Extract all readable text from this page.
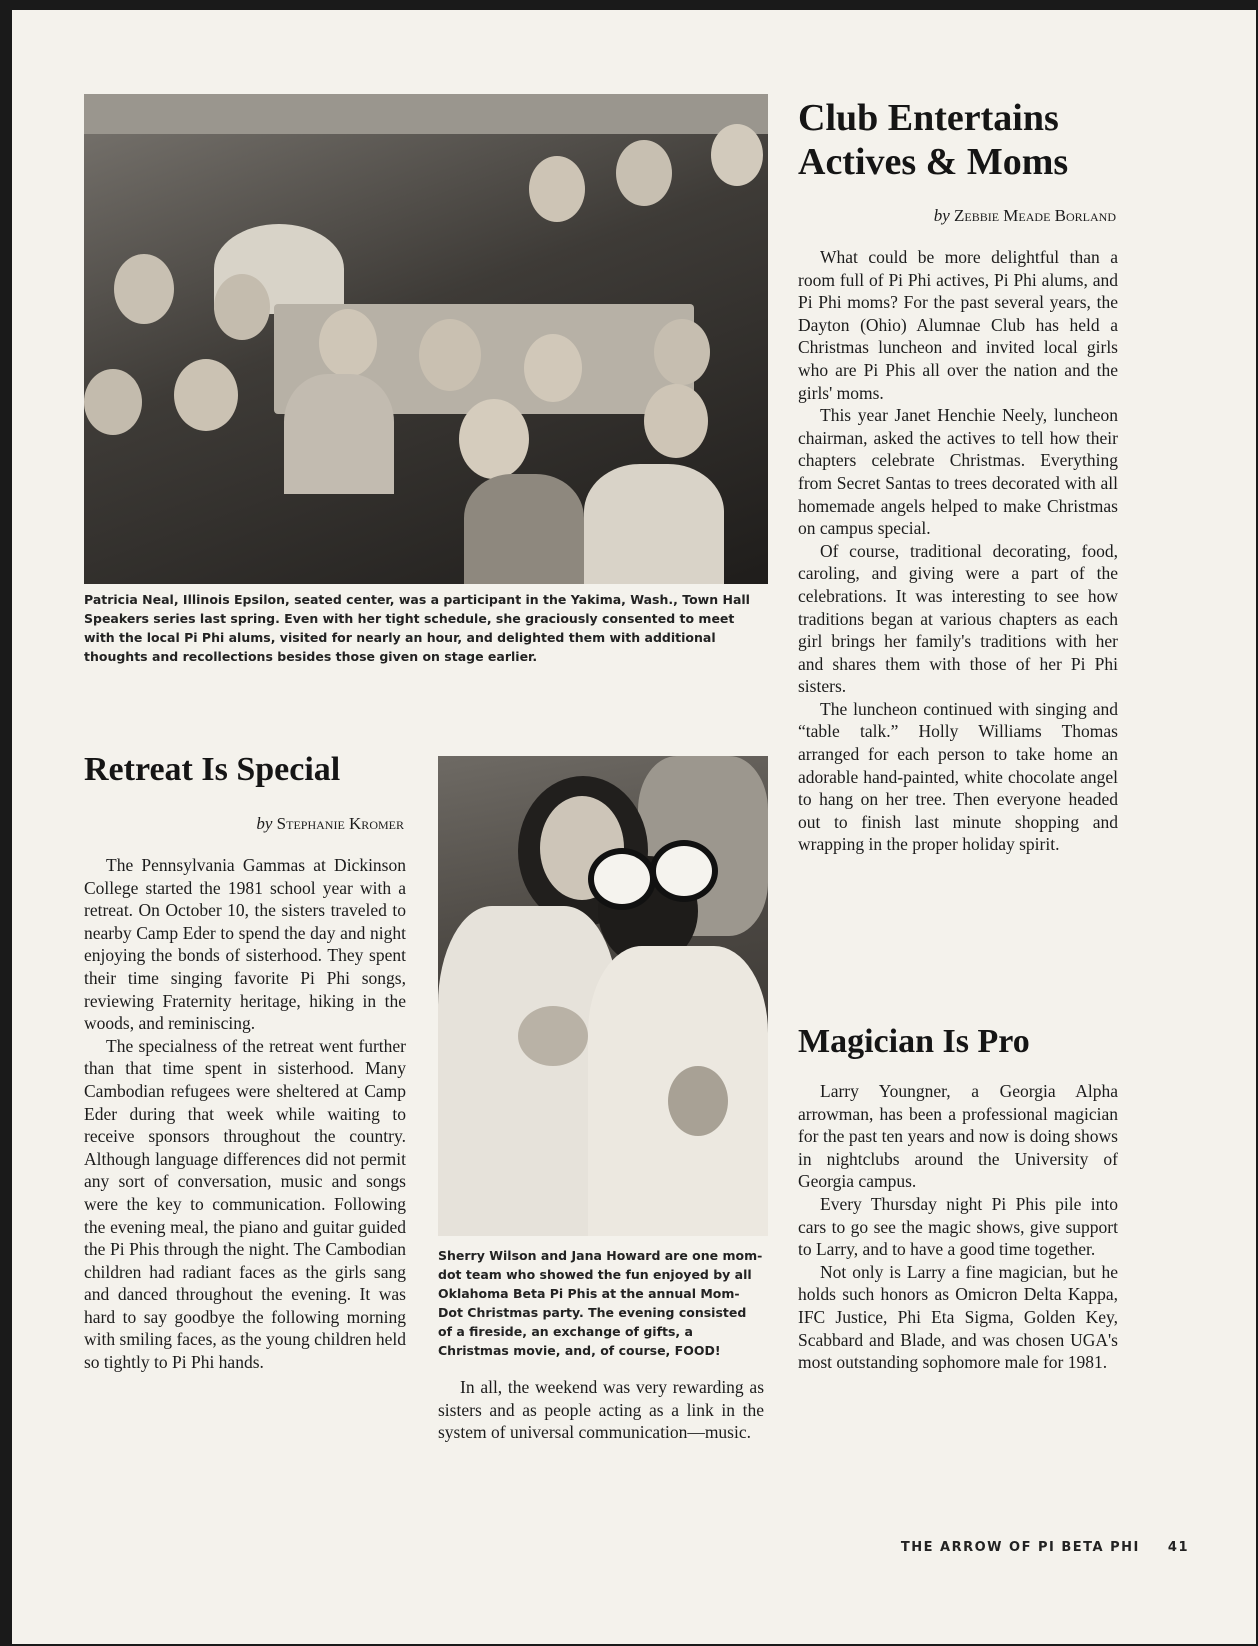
Patricia Neal, Illinois Epsilon, seated center, was a participant in the Yakima, Wash., Town Hall Speakers series last spring. Even with her tight schedule, she graciously consented to meet with the local Pi Phi alums, visited for nearly an hour, and delighted them with additional thoughts and recollections besides those given on stage earlier.
Club Entertains
Actives & Moms
by Zebbie Meade Borland

What could be more delightful than a room full of Pi Phi actives, Pi Phi alums, and Pi Phi moms? For the past several years, the Dayton (Ohio) Alumnae Club has held a Christmas luncheon and invited local girls who are Pi Phis all over the nation and the girls' moms.

This year Janet Henchie Neely, luncheon chairman, asked the actives to tell how their chapters celebrate Christmas. Everything from Secret Santas to trees decorated with all homemade angels helped to make Christmas on campus special.

Of course, traditional decorating, food, caroling, and giving were a part of the celebrations. It was interesting to see how traditions began at various chapters as each girl brings her family's traditions with her and shares them with those of her Pi Phi sisters.

The luncheon continued with singing and “table talk.” Holly Williams Thomas arranged for each person to take home an adorable hand-painted, white chocolate angel to hang on her tree. Then everyone headed out to finish last minute shopping and wrapping in the proper holiday spirit.

Retreat Is Special
by Stephanie Kromer

The Pennsylvania Gammas at Dickinson College started the 1981 school year with a retreat. On October 10, the sisters traveled to nearby Camp Eder to spend the day and night enjoying the bonds of sisterhood. They spent their time singing favorite Pi Phi songs, reviewing Fraternity heritage, hiking in the woods, and reminiscing.

The specialness of the retreat went further than that time spent in sisterhood. Many Cambodian refugees were sheltered at Camp Eder during that week while waiting to receive sponsors throughout the country. Although language differences did not permit any sort of conversation, music and songs were the key to communication. Following the evening meal, the piano and guitar guided the Pi Phis through the night. The Cambodian children had radiant faces as the girls sang and danced throughout the evening. It was hard to say goodbye the following morning with smiling faces, as the young children held so tightly to Pi Phi hands.

Sherry Wilson and Jana Howard are one mom-dot team who showed the fun enjoyed by all Oklahoma Beta Pi Phis at the annual Mom-Dot Christmas party. The evening consisted of a fireside, an exchange of gifts, a Christmas movie, and, of course, FOOD!

In all, the weekend was very rewarding as sisters and as people acting as a link in the system of universal communication—music.

Magician Is Pro

Larry Youngner, a Georgia Alpha arrowman, has been a professional magician for the past ten years and now is doing shows in nightclubs around the University of Georgia campus.

Every Thursday night Pi Phis pile into cars to go see the magic shows, give support to Larry, and to have a good time together.

Not only is Larry a fine magician, but he holds such honors as Omicron Delta Kappa, IFC Justice, Phi Eta Sigma, Golden Key, Scabbard and Blade, and was chosen UGA's most outstanding sophomore male for 1981.

THE ARROW OF PI BETA PHI 41
